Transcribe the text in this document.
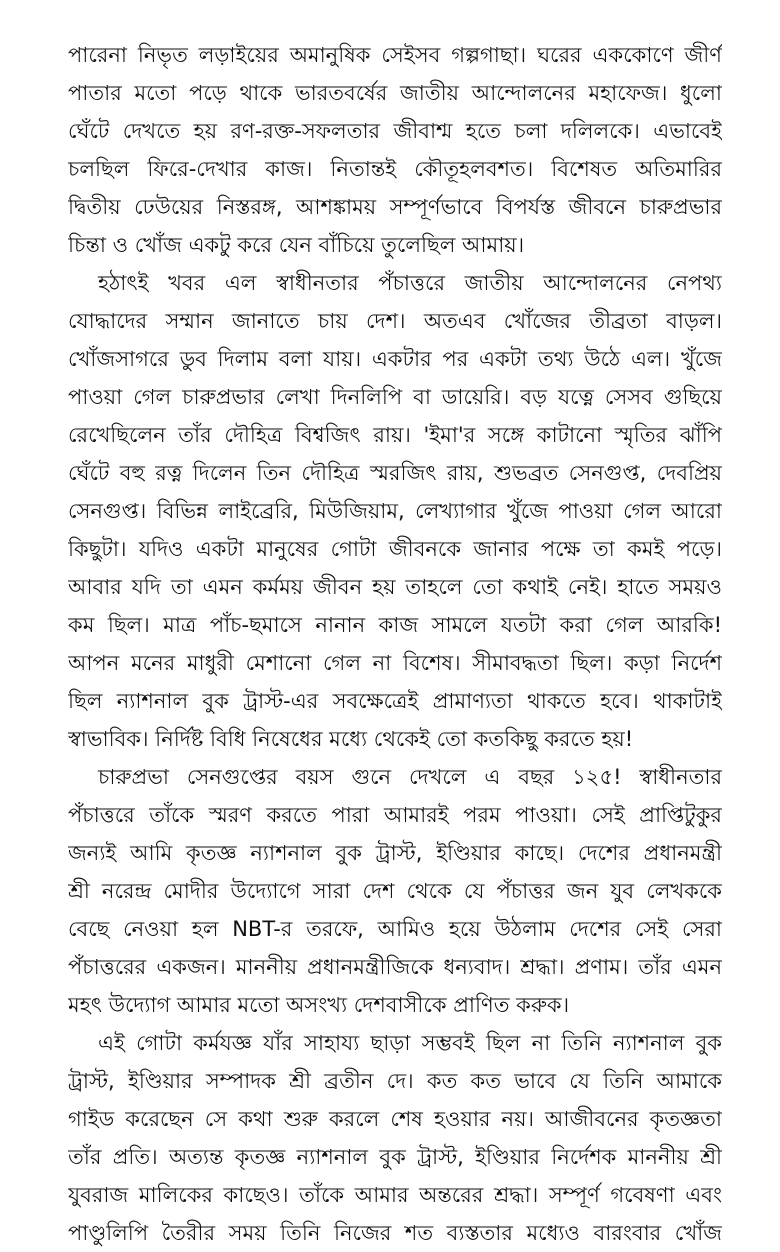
পারেনা নিভৃত লড়াইয়ের অমানুষিক সেইসব গল্পগাছা। ঘরের এককোণে জীর্ণ
পাতার মতো পড়ে থাকে ভারতবর্ষের জাতীয় আন্দোলনের মহাফেজ। ধুলো
ঘেঁটে দেখতে হয় রণ-রক্ত-সফলতার জীবাশ্ম হতে চলা দলিলকে। এভাবেই
চলছিল ফিরে-দেখার কাজ। নিতান্তই কৌতূহলবশত। বিশেষত অতিমারির
দ্বিতীয় ঢেউয়ের নিস্তরঙ্গ, আশঙ্কাময় সম্পূর্ণভাবে বিপর্যস্ত জীবনে চারুপ্রভার
চিন্তা ও খোঁজ একটু করে যেন বাঁচিয়ে তুলেছিল আমায়।
হঠাৎই খবর এল স্বাধীনতার পঁচাত্তরে জাতীয় আন্দোলনের নেপথ্য
যোদ্ধাদের সম্মান জানাতে চায় দেশ। অতএব খোঁজের তীব্রতা বাড়ল।
খোঁজসাগরে ডুব দিলাম বলা যায়। একটার পর একটা তথ্য উঠে এল। খুঁজে
পাওয়া গেল চারুপ্রভার লেখা দিনলিপি বা ডায়েরি। বড় যত্নে সেসব গুছিয়ে
রেখেছিলেন তাঁর দৌহিত্র বিশ্বজিৎ রায়। 'ইমা'র সঙ্গে কাটানো স্মৃতির ঝাঁপি
ঘেঁটে বহু রত্ন দিলেন তিন দৌহিত্র স্মরজিৎ রায়, শুভব্রত সেনগুপ্ত, দেবপ্রিয়
সেনগুপ্ত। বিভিন্ন লাইব্রেরি, মিউজিয়াম, লেখ্যাগার খুঁজে পাওয়া গেল আরো
কিছুটা। যদিও একটা মানুষের গোটা জীবনকে জানার পক্ষে তা কমই পড়ে।
আবার যদি তা এমন কর্মময় জীবন হয় তাহলে তো কথাই নেই। হাতে সময়ও
কম ছিল। মাত্র পাঁচ-ছমাসে নানান কাজ সামলে যতটা করা গেল আরকি!
আপন মনের মাধুরী মেশানো গেল না বিশেষ। সীমাবদ্ধতা ছিল। কড়া নির্দেশ
ছিল ন্যাশনাল বুক ট্রাস্ট-এর সবক্ষেত্রেই প্রামাণ্যতা থাকতে হবে। থাকাটাই
স্বাভাবিক। নির্দিষ্ট বিধি নিষেধের মধ্যে থেকেই তো কতকিছু করতে হয়!
চারুপ্রভা সেনগুপ্তের বয়স গুনে দেখলে এ বছর ১২৫! স্বাধীনতার
পঁচাত্তরে তাঁকে স্মরণ করতে পারা আমারই পরম পাওয়া। সেই প্রাপ্তিটুকুর
জন্যই আমি কৃতজ্ঞ ন্যাশনাল বুক ট্রাস্ট, ইণ্ডিয়ার কাছে। দেশের প্রধানমন্ত্রী
শ্রী নরেন্দ্র মোদীর উদ্যোগে সারা দেশ থেকে যে পঁচাত্তর জন যুব লেখককে
বেছে নেওয়া হল NBT-র তরফে, আমিও হয়ে উঠলাম দেশের সেই সেরা
পঁচাত্তরের একজন। মাননীয় প্রধানমন্ত্রীজিকে ধন্যবাদ। শ্রদ্ধা। প্রণাম। তাঁর এমন
মহৎ উদ্যোগ আমার মতো অসংখ্য দেশবাসীকে প্রাণিত করুক।
এই গোটা কর্মযজ্ঞ যাঁর সাহায্য ছাড়া সম্ভবই ছিল না তিনি ন্যাশনাল বুক
ট্রাস্ট, ইণ্ডিয়ার সম্পাদক শ্রী ব্রতীন দে। কত কত ভাবে যে তিনি আমাকে
গাইড করেছেন সে কথা শুরু করলে শেষ হওয়ার নয়। আজীবনের কৃতজ্ঞতা
তাঁর প্রতি। অত্যন্ত কৃতজ্ঞ ন্যাশনাল বুক ট্রাস্ট, ইণ্ডিয়ার নির্দেশক মাননীয় শ্রী
যুবরাজ মালিকের কাছেও। তাঁকে আমার অন্তরের শ্রদ্ধা। সম্পূর্ণ গবেষণা এবং
পাণ্ডুলিপি তৈরীর সময় তিনি নিজের শত ব্যস্ততার মধ্যেও বারংবার খোঁজ
